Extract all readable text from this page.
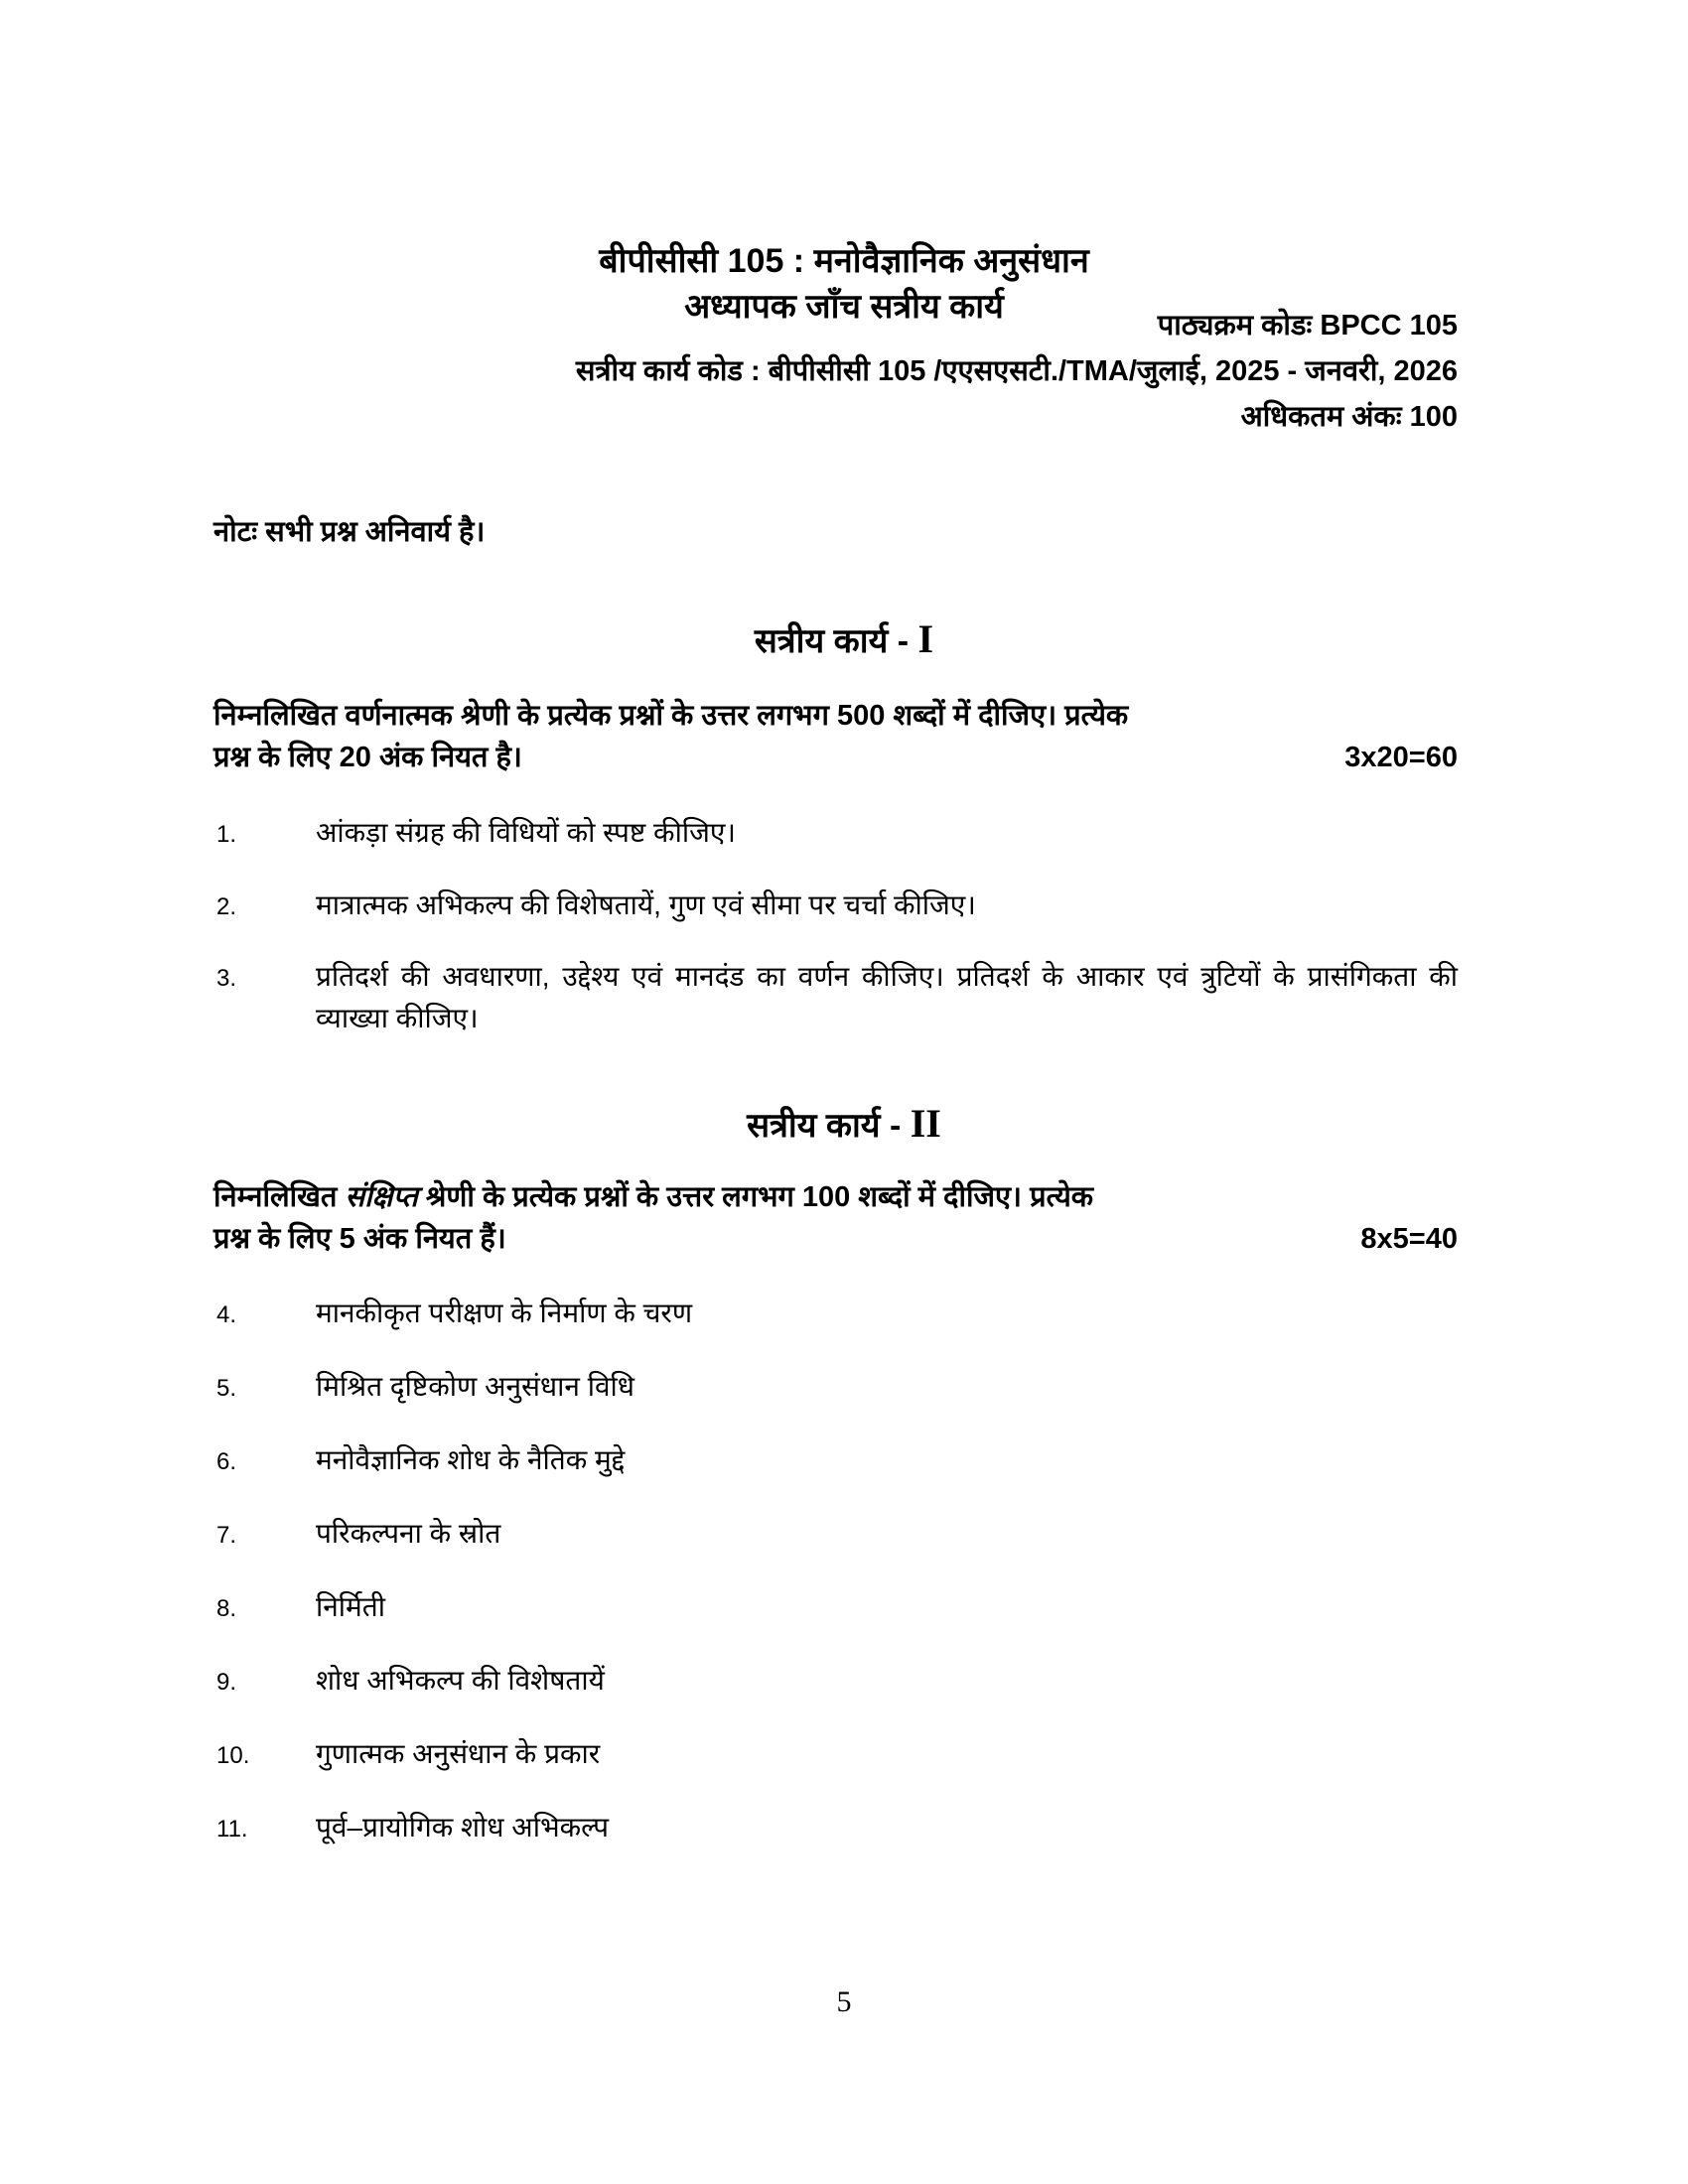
बीपीसीसी 105 : मनोवैज्ञानिक अनुसंधान
अध्यापक जाँच सत्रीय कार्य	पाठ्यक्रम कोडः BPCC 105
सत्रीय कार्य कोड : बीपीसीसी 105 /एएसएसटी./TMA/जुलाई, 2025 - जनवरी, 2026
अधिकतम अंकः 100
नोटः सभी प्रश्न अनिवार्य है।
सत्रीय कार्य - I
निम्नलिखित वर्णनात्मक श्रेणी के प्रत्येक प्रश्नों के उत्तर लगभग 500 शब्दों में दीजिए। प्रत्येक
प्रश्न के लिए 20 अंक नियत है।	3x20=60
1.	आंकड़ा संग्रह की विधियों को स्पष्ट कीजिए।
2.	मात्रात्मक अभिकल्प की विशेषतायें, गुण एवं सीमा पर चर्चा कीजिए।
3.	प्रतिदर्श की अवधारणा, उद्देश्य एवं मानदंड का वर्णन कीजिए। प्रतिदर्श के आकार एवं त्रुटियों के प्रासंगिकता की व्याख्या कीजिए।
सत्रीय कार्य - II
निम्नलिखित संक्षिप्त श्रेणी के प्रत्येक प्रश्नों के उत्तर लगभग 100 शब्दों में दीजिए। प्रत्येक
प्रश्न के लिए 5 अंक नियत हैं।	8x5=40
4.	मानकीकृत परीक्षण के निर्माण के चरण
5.	मिश्रित दृष्टिकोण अनुसंधान विधि
6.	मनोवैज्ञानिक शोध के नैतिक मुद्दे
7.	परिकल्पना के स्रोत
8.	निर्मिती
9.	शोध अभिकल्प की विशेषतायें
10.	गुणात्मक अनुसंधान के प्रकार
11.	पूर्व–प्रायोगिक शोध अभिकल्प
5
